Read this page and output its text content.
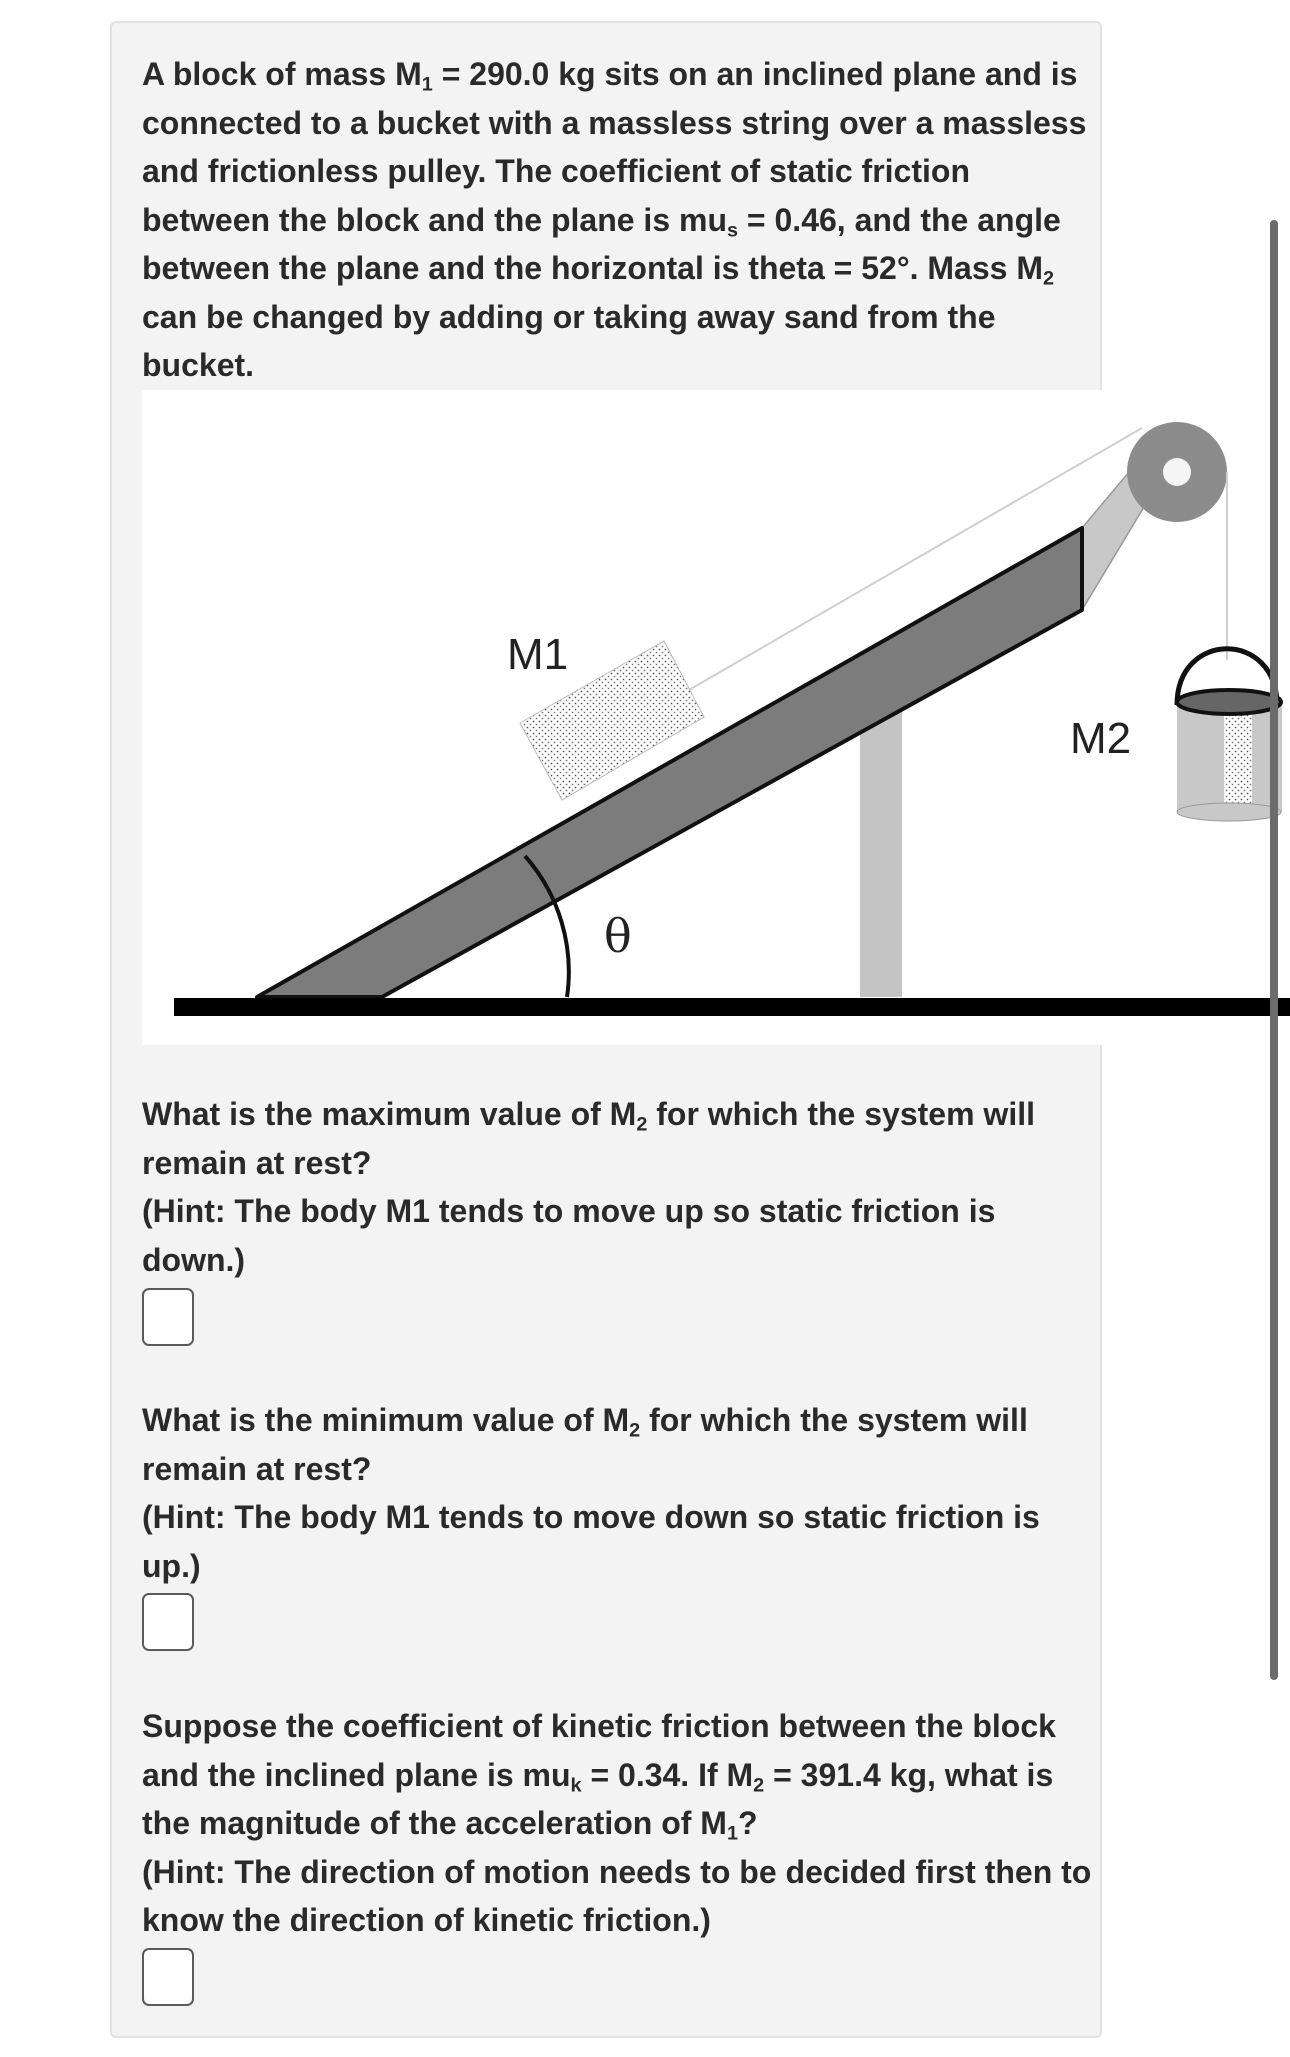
A block of mass $M_1 = 290.0$ kg sits on an inclined plane and is connected to a bucket with a massless string over a massless and frictionless pulley. The coefficient of static friction between the block and the plane is $mu_s = 0.46$, and the angle between the plane and the horizontal is theta = 52°. Mass $M_2$ can be changed by adding or taking away sand from the bucket.

M1
M2
θ

What is the maximum value of $M_2$ for which the system will remain at rest?
(Hint: The body M1 tends to move up so static friction is down.)

What is the minimum value of $M_2$ for which the system will remain at rest?
(Hint: The body M1 tends to move down so static friction is up.)

Suppose the coefficient of kinetic friction between the block and the inclined plane is $mu_k = 0.34$. If $M_2 = 391.4$ kg, what is the magnitude of the acceleration of $M_1$?
(Hint: The direction of motion needs to be decided first then to know the direction of kinetic friction.)
